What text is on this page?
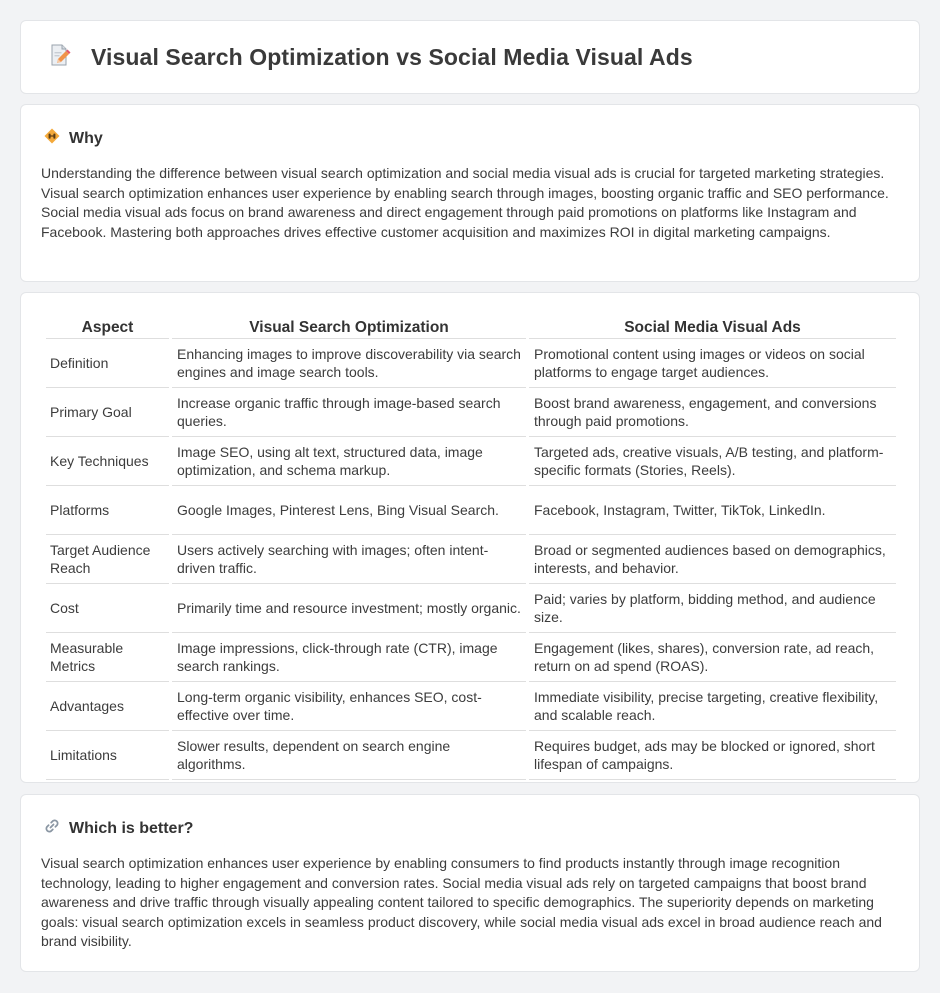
Visual Search Optimization vs Social Media Visual Ads
Why

Understanding the difference between visual search optimization and social media visual ads is crucial for targeted marketing strategies. Visual search optimization enhances user experience by enabling search through images, boosting organic traffic and SEO performance. Social media visual ads focus on brand awareness and direct engagement through paid promotions on platforms like Instagram and Facebook. Mastering both approaches drives effective customer acquisition and maximizes ROI in digital marketing campaigns.

Aspect	Visual Search Optimization	Social Media Visual Ads
Definition	Enhancing images to improve discoverability via search engines and image search tools.	Promotional content using images or videos on social platforms to engage target audiences.
Primary Goal	Increase organic traffic through image-based search queries.	Boost brand awareness, engagement, and conversions through paid promotions.
Key Techniques	Image SEO, using alt text, structured data, image optimization, and schema markup.	Targeted ads, creative visuals, A/B testing, and platform-specific formats (Stories, Reels).
Platforms	Google Images, Pinterest Lens, Bing Visual Search.	Facebook, Instagram, Twitter, TikTok, LinkedIn.
Target Audience Reach	Users actively searching with images; often intent-driven traffic.	Broad or segmented audiences based on demographics, interests, and behavior.
Cost	Primarily time and resource investment; mostly organic.	Paid; varies by platform, bidding method, and audience size.
Measurable Metrics	Image impressions, click-through rate (CTR), image search rankings.	Engagement (likes, shares), conversion rate, ad reach, return on ad spend (ROAS).
Advantages	Long-term organic visibility, enhances SEO, cost-effective over time.	Immediate visibility, precise targeting, creative flexibility, and scalable reach.
Limitations	Slower results, dependent on search engine algorithms.	Requires budget, ads may be blocked or ignored, short lifespan of campaigns.
Which is better?

Visual search optimization enhances user experience by enabling consumers to find products instantly through image recognition technology, leading to higher engagement and conversion rates. Social media visual ads rely on targeted campaigns that boost brand awareness and drive traffic through visually appealing content tailored to specific demographics. The superiority depends on marketing goals: visual search optimization excels in seamless product discovery, while social media visual ads excel in broad audience reach and brand visibility.
